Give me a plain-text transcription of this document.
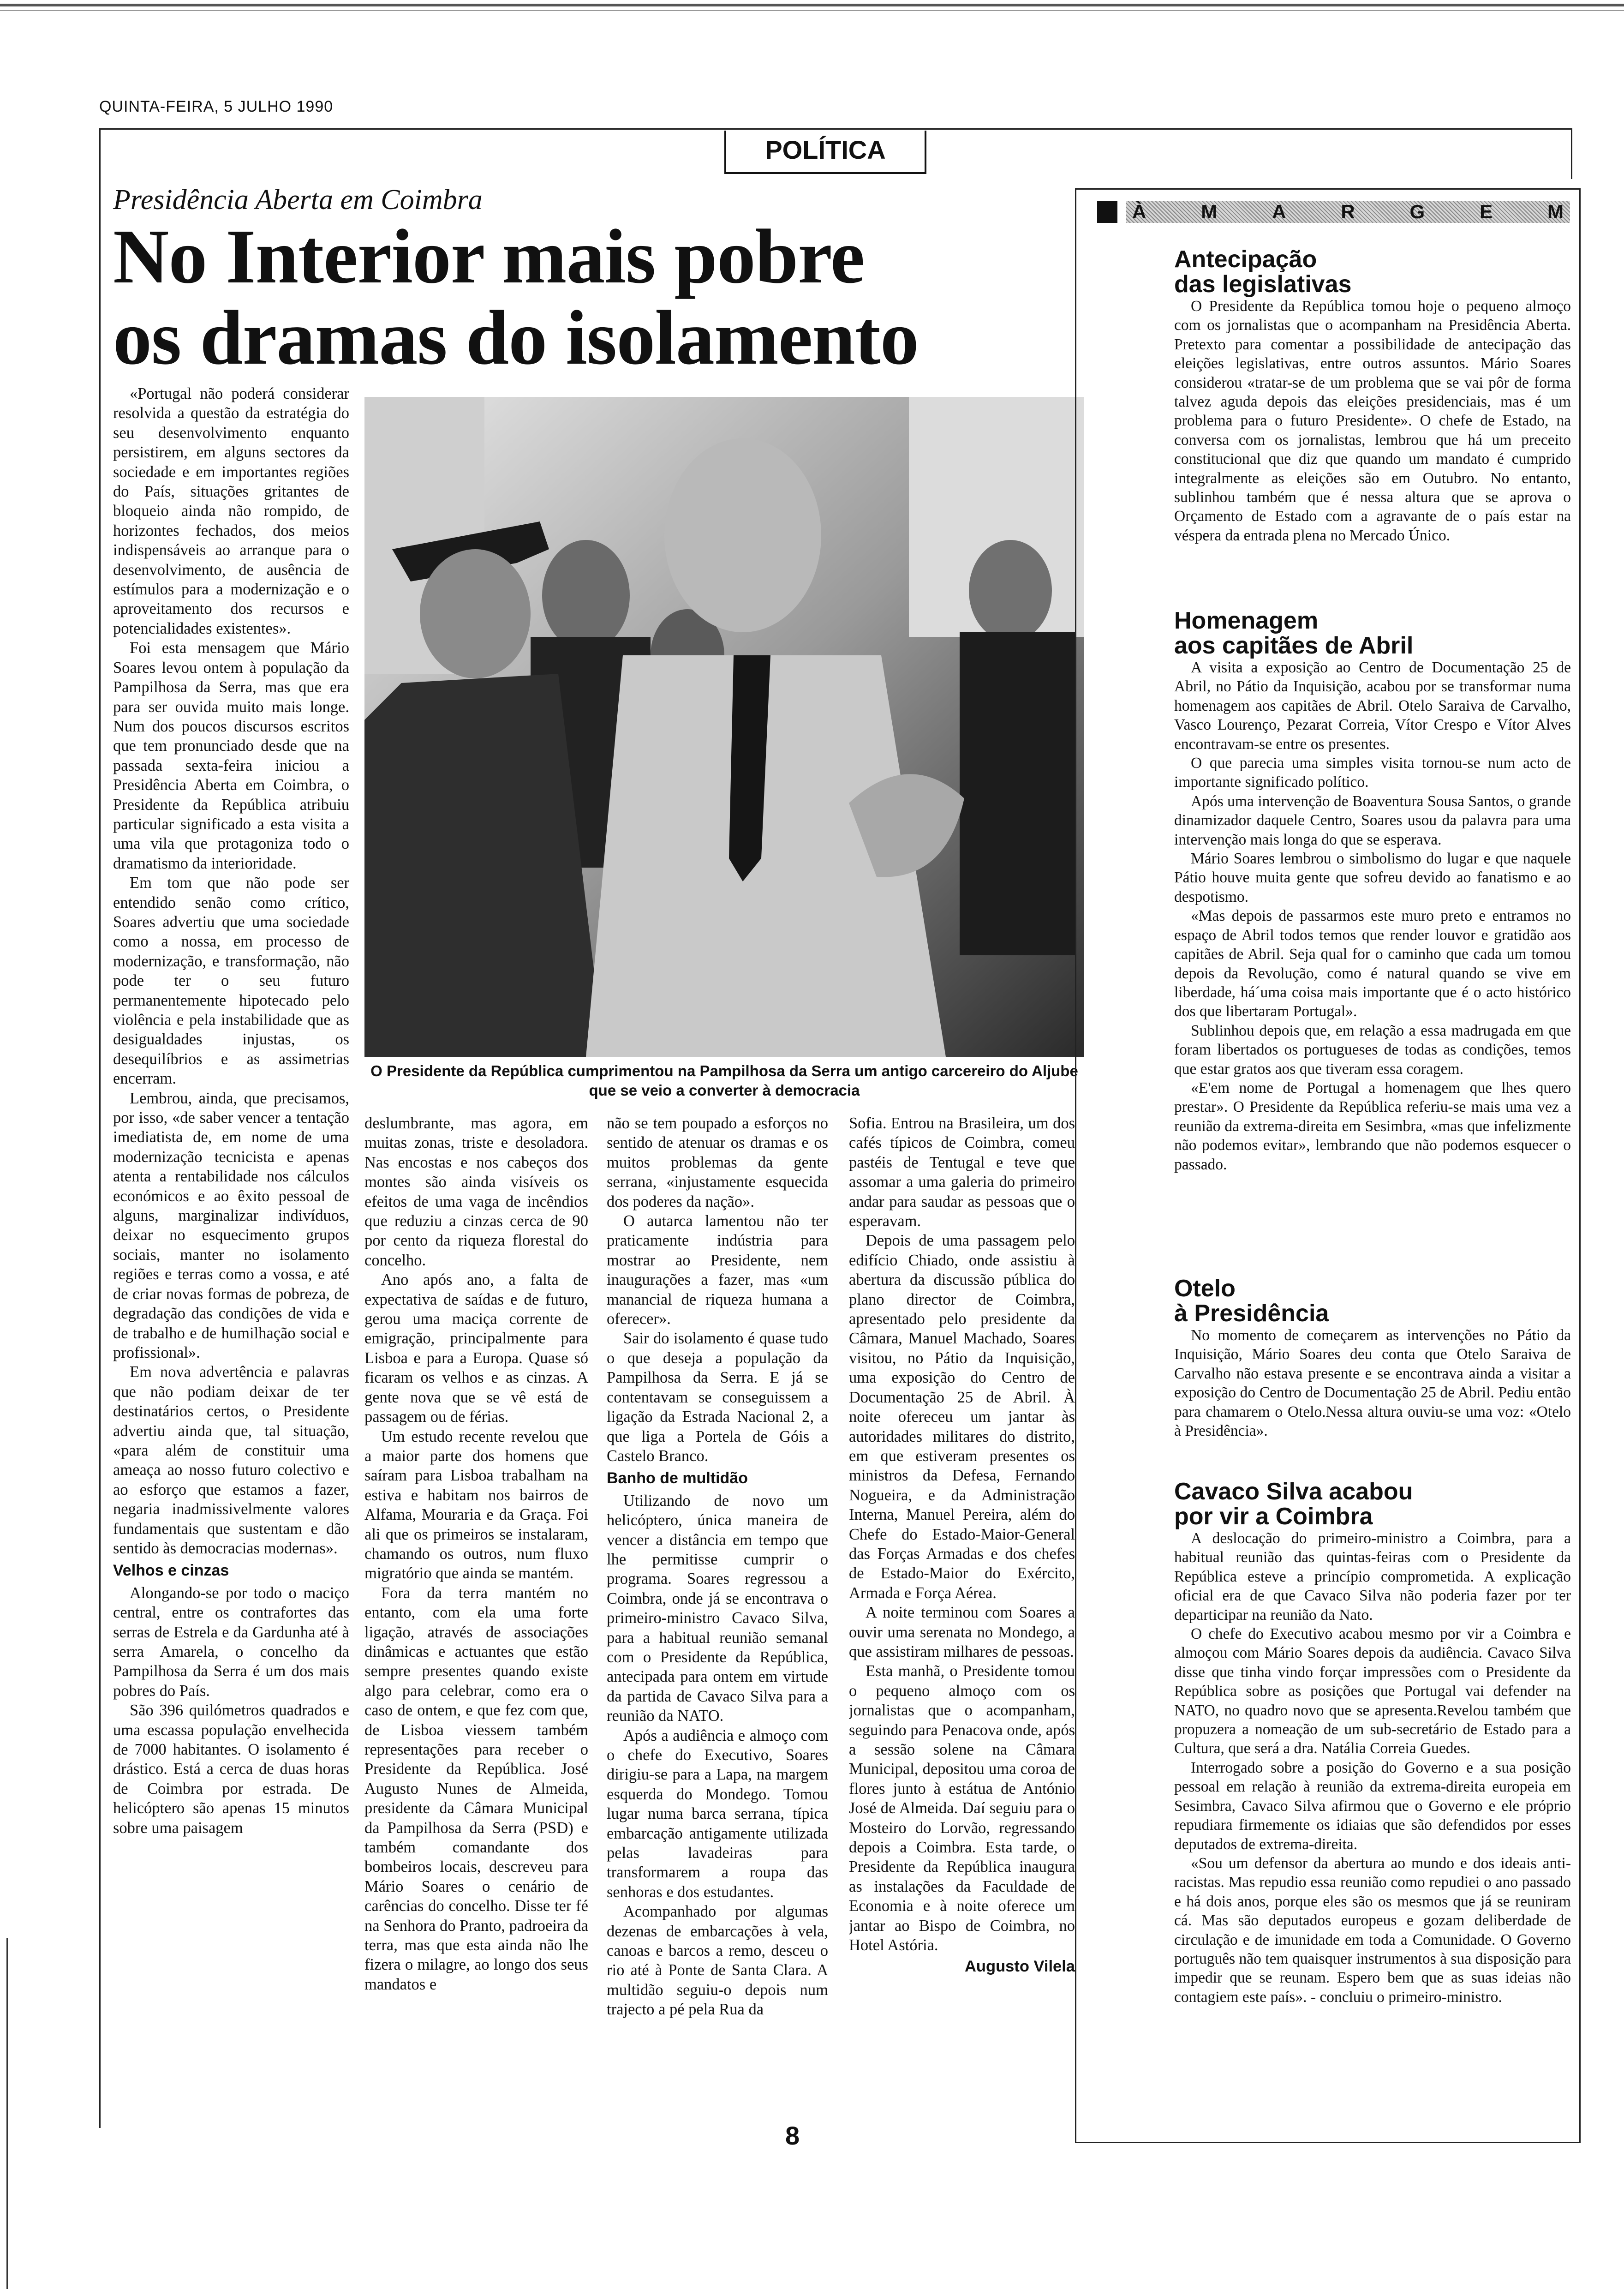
QUINTA-FEIRA, 5 JULHO 1990
POLÍTICA
Presidência Aberta em Coimbra
No Interior mais pobre
os dramas do isolamento

«Portugal não poderá considerar resolvida a questão da estratégia do seu desenvolvimento enquanto persistirem, em alguns sectores da sociedade e em importantes regiões do País, situações gritantes de bloqueio ainda não rompido, de horizontes fechados, dos meios indispensáveis ao arranque para o desenvolvimento, de ausência de estímulos para a modernização e o aproveitamento dos recursos e potencialidades existentes».

Foi esta mensagem que Mário Soares levou ontem à população da Pampilhosa da Serra, mas que era para ser ouvida muito mais longe. Num dos poucos discursos escritos que tem pronunciado desde que na passada sexta-feira iniciou a Presidência Aberta em Coimbra, o Presidente da República atribuiu particular significado a esta visita a uma vila que protagoniza todo o dramatismo da interioridade.

Em tom que não pode ser entendido senão como crítico, Soares advertiu que uma sociedade como a nossa, em processo de modernização, e transformação, não pode ter o seu futuro permanentemente hipotecado pelo violência e pela instabilidade que as desigualdades injustas, os desequilíbrios e as assimetrias encerram.

Lembrou, ainda, que precisamos, por isso, «de saber vencer a tentação imediatista de, em nome de uma modernização tecnicista e apenas atenta a rentabilidade nos cálculos económicos e ao êxito pessoal de alguns, marginalizar indivíduos, deixar no esquecimento grupos sociais, manter no isolamento regiões e terras como a vossa, e até de criar novas formas de pobreza, de degradação das condições de vida e de trabalho e de humilhação social e profissional».

Em nova advertência e palavras que não podiam deixar de ter destinatários certos, o Presidente advertiu ainda que, tal situação, «para além de constituir uma ameaça ao nosso futuro colectivo e ao esforço que estamos a fazer, negaria inadmissivelmente valores fundamentais que sustentam e dão sentido às democracias modernas».

Velhos e cinzas

Alongando-se por todo o maciço central, entre os contrafortes das serras de Estrela e da Gardunha até à serra Amarela, o concelho da Pampilhosa da Serra é um dos mais pobres do País.

São 396 quilómetros quadrados e uma escassa população envelhecida de 7000 habitantes. O isolamento é drástico. Está a cerca de duas horas de Coimbra por estrada. De helicóptero são apenas 15 minutos sobre uma paisagem

O Presidente da República cumprimentou na Pampilhosa da Serra um antigo carcereiro do Aljube que se veio a converter à democracia

deslumbrante, mas agora, em muitas zonas, triste e desoladora. Nas encostas e nos cabeços dos montes são ainda visíveis os efeitos de uma vaga de incêndios que reduziu a cinzas cerca de 90 por cento da riqueza florestal do concelho.

Ano após ano, a falta de expectativa de saídas e de futuro, gerou uma maciça corrente de emigração, principalmente para Lisboa e para a Europa. Quase só ficaram os velhos e as cinzas. A gente nova que se vê está de passagem ou de férias.

Um estudo recente revelou que a maior parte dos homens que saíram para Lisboa trabalham na estiva e habitam nos bairros de Alfama, Mouraria e da Graça. Foi ali que os primeiros se instalaram, chamando os outros, num fluxo migratório que ainda se mantém.

Fora da terra mantém no entanto, com ela uma forte ligação, através de associações dinâmicas e actuantes que estão sempre presentes quando existe algo para celebrar, como era o caso de ontem, e que fez com que, de Lisboa viessem também representações para receber o Presidente da República. José Augusto Nunes de Almeida, presidente da Câmara Municipal da Pampilhosa da Serra (PSD) e também comandante dos bombeiros locais, descreveu para Mário Soares o cenário de carências do concelho. Disse ter fé na Senhora do Pranto, padroeira da terra, mas que esta ainda não lhe fizera o milagre, ao longo dos seus mandatos e

não se tem poupado a esforços no sentido de atenuar os dramas e os muitos problemas da gente serrana, «injustamente esquecida dos poderes da nação».

O autarca lamentou não ter praticamente indústria para mostrar ao Presidente, nem inaugurações a fazer, mas «um manancial de riqueza humana a oferecer».

Sair do isolamento é quase tudo o que deseja a população da Pampilhosa da Serra. E já se contentavam se conseguissem a ligação da Estrada Nacional 2, a que liga a Portela de Góis a Castelo Branco.

Banho de multidão

Utilizando de novo um helicóptero, única maneira de vencer a distância em tempo que lhe permitisse cumprir o programa. Soares regressou a Coimbra, onde já se encontrava o primeiro-ministro Cavaco Silva, para a habitual reunião semanal com o Presidente da República, antecipada para ontem em virtude da partida de Cavaco Silva para a reunião da NATO.

Após a audiência e almoço com o chefe do Executivo, Soares dirigiu-se para a Lapa, na margem esquerda do Mondego. Tomou lugar numa barca serrana, típica embarcação antigamente utilizada pelas lavadeiras para transformarem a roupa das senhoras e dos estudantes.

Acompanhado por algumas dezenas de embarcações à vela, canoas e barcos a remo, desceu o rio até à Ponte de Santa Clara. A multidão seguiu-o depois num trajecto a pé pela Rua da

Sofia. Entrou na Brasileira, um dos cafés típicos de Coimbra, comeu pastéis de Tentugal e teve que assomar a uma galeria do primeiro andar para saudar as pessoas que o esperavam.

Depois de uma passagem pelo edifício Chiado, onde assistiu à abertura da discussão pública do plano director de Coimbra, apresentado pelo presidente da Câmara, Manuel Machado, Soares visitou, no Pátio da Inquisição, uma exposição do Centro de Documentação 25 de Abril. À noite ofereceu um jantar às autoridades militares do distrito, em que estiveram presentes os ministros da Defesa, Fernando Nogueira, e da Administração Interna, Manuel Pereira, além do Chefe do Estado-Maior-General das Forças Armadas e dos chefes de Estado-Maior do Exército, Armada e Força Aérea.

A noite terminou com Soares a ouvir uma serenata no Mondego, a que assistiram milhares de pessoas.

Esta manhã, o Presidente tomou o pequeno almoço com os jornalistas que o acompanham, seguindo para Penacova onde, após a sessão solene na Câmara Municipal, depositou uma coroa de flores junto à estátua de António José de Almeida. Daí seguiu para o Mosteiro do Lorvão, regressando depois a Coimbra. Esta tarde, o Presidente da República inaugura as instalações da Faculdade de Economia e à noite oferece um jantar ao Bispo de Coimbra, no Hotel Astória.

Augusto Vilela

À	M	A	R	G	E	M
Antecipação
das legislativas

O Presidente da República tomou hoje o pequeno almoço com os jornalistas que o acompanham na Presidência Aberta. Pretexto para comentar a possibilidade de antecipação das eleições legislativas, entre outros assuntos. Mário Soares considerou «tratar-se de um problema que se vai pôr de forma talvez aguda depois das eleições presidenciais, mas é um problema para o futuro Presidente». O chefe de Estado, na conversa com os jornalistas, lembrou que há um preceito constitucional que diz que quando um mandato é cumprido integralmente as eleições são em Outubro. No entanto, sublinhou também que é nessa altura que se aprova o Orçamento de Estado com a agravante de o país estar na véspera da entrada plena no Mercado Único.

Homenagem
aos capitães de Abril

A visita a exposição ao Centro de Documentação 25 de Abril, no Pátio da Inquisição, acabou por se transformar numa homenagem aos capitães de Abril. Otelo Saraiva de Carvalho, Vasco Lourenço, Pezarat Correia, Vítor Crespo e Vítor Alves encontravam-se entre os presentes.

O que parecia uma simples visita tornou-se num acto de importante significado político.

Após uma intervenção de Boaventura Sousa Santos, o grande dinamizador daquele Centro, Soares usou da palavra para uma intervenção mais longa do que se esperava.

Mário Soares lembrou o simbolismo do lugar e que naquele Pátio houve muita gente que sofreu devido ao fanatismo e ao despotismo.

«Mas depois de passarmos este muro preto e entramos no espaço de Abril todos temos que render louvor e gratidão aos capitães de Abril. Seja qual for o caminho que cada um tomou depois da Revolução, como é natural quando se vive em liberdade, há´uma coisa mais importante que é o acto histórico dos que libertaram Portugal».

Sublinhou depois que, em relação a essa madrugada em que foram libertados os portugueses de todas as condições, temos que estar gratos aos que tiveram essa coragem.

«E'em nome de Portugal a homenagem que lhes quero prestar». O Presidente da República referiu-se mais uma vez a reunião da extrema-direita em Sesimbra, «mas que infelizmente não podemos evitar», lembrando que não podemos esquecer o passado.

Otelo
à Presidência

No momento de começarem as intervenções no Pátio da Inquisição, Mário Soares deu conta que Otelo Saraiva de Carvalho não estava presente e se encontrava ainda a visitar a exposição do Centro de Documentação 25 de Abril. Pediu então para chamarem o Otelo.Nessa altura ouviu-se uma voz: «Otelo à Presidência».

Cavaco Silva acabou
por vir a Coimbra

A deslocação do primeiro-ministro a Coimbra, para a habitual reunião das quintas-feiras com o Presidente da República esteve a princípio comprometida. A explicação oficial era de que Cavaco Silva não poderia fazer por ter departicipar na reunião da Nato.

O chefe do Executivo acabou mesmo por vir a Coimbra e almoçou com Mário Soares depois da audiência. Cavaco Silva disse que tinha vindo forçar impressões com o Presidente da República sobre as posições que Portugal vai defender na NATO, no quadro novo que se apresenta.Revelou também que propuzera a nomeação de um sub-secretário de Estado para a Cultura, que será a dra. Natália Correia Guedes.

Interrogado sobre a posição do Governo e a sua posição pessoal em relação à reunião da extrema-direita europeia em Sesimbra, Cavaco Silva afirmou que o Governo e ele próprio repudiara firmemente os idiaias que são defendidos por esses deputados de extrema-direita.

«Sou um defensor da abertura ao mundo e dos ideais anti-racistas. Mas repudio essa reunião como repudiei o ano passado e há dois anos, porque eles são os mesmos que já se reuniram cá. Mas são deputados europeus e gozam deliberdade de circulação e de imunidade em toda a Comunidade. O Governo português não tem quaisquer instrumentos à sua disposição para impedir que se reunam. Espero bem que as suas ideias não contagiem este país». - concluiu o primeiro-ministro.

8
